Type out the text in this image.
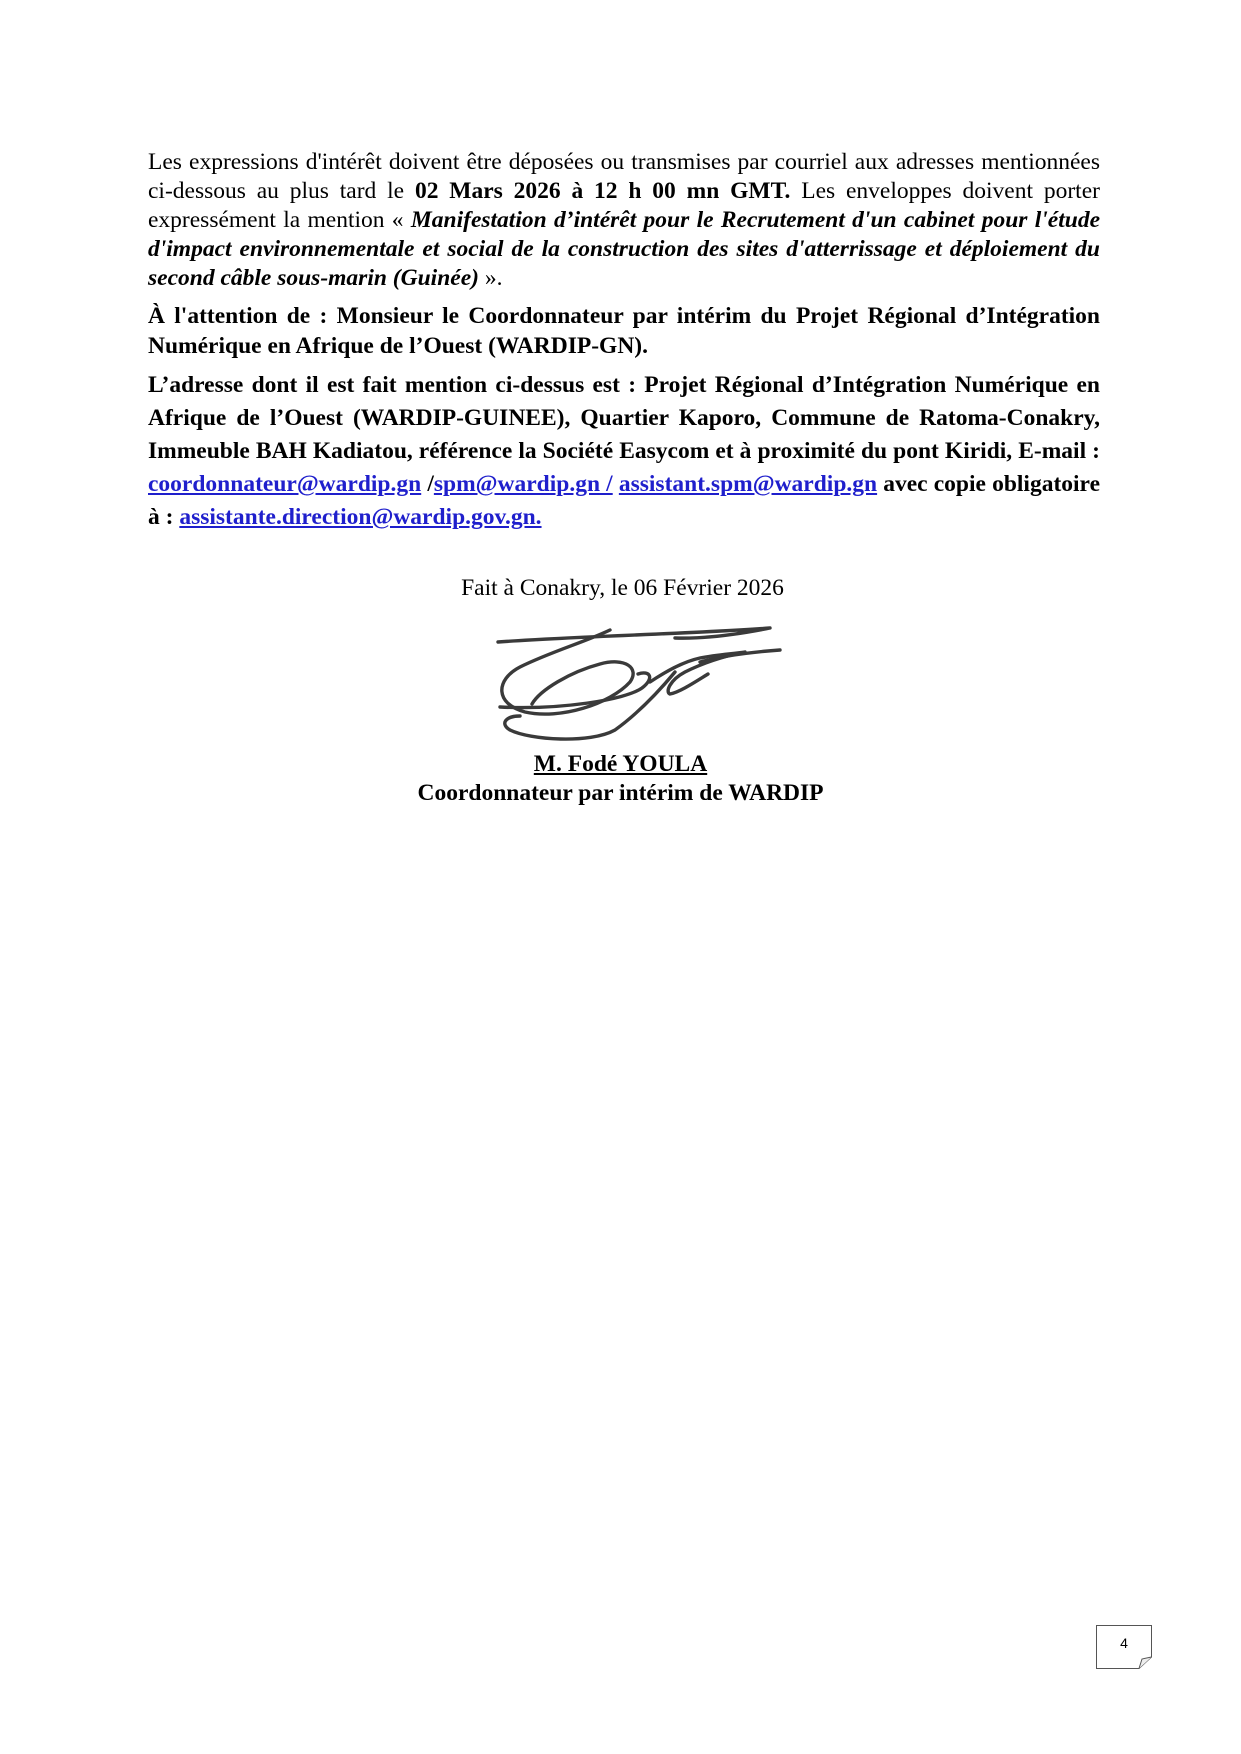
Les expressions d'intérêt doivent être déposées ou transmises par courriel aux adresses mentionnées ci-dessous au plus tard le 02 Mars 2026 à 12 h 00 mn GMT. Les enveloppes doivent porter expressément la mention « Manifestation d’intérêt pour le Recrutement d'un cabinet pour l'étude d'impact environnementale et social de la construction des sites d'atterrissage et déploiement du second câble sous-marin (Guinée) ».

À l'attention de : Monsieur le Coordonnateur par intérim du Projet Régional d’Intégration Numérique en Afrique de l’Ouest (WARDIP-GN).

L’adresse dont il est fait mention ci-dessus est : Projet Régional d’Intégration Numérique en Afrique de l’Ouest (WARDIP-GUINEE), Quartier Kaporo, Commune de Ratoma-Conakry, Immeuble BAH Kadiatou, référence la Société Easycom et à proximité du pont Kiridi, E-mail : coordonnateur@wardip.gn /spm@wardip.gn / assistant.spm@wardip.gn avec copie obligatoire à : assistante.direction@wardip.gov.gn.

Fait à Conakry, le 06 Février 2026
M. Fodé YOULA
Coordonnateur par intérim de WARDIP
4
